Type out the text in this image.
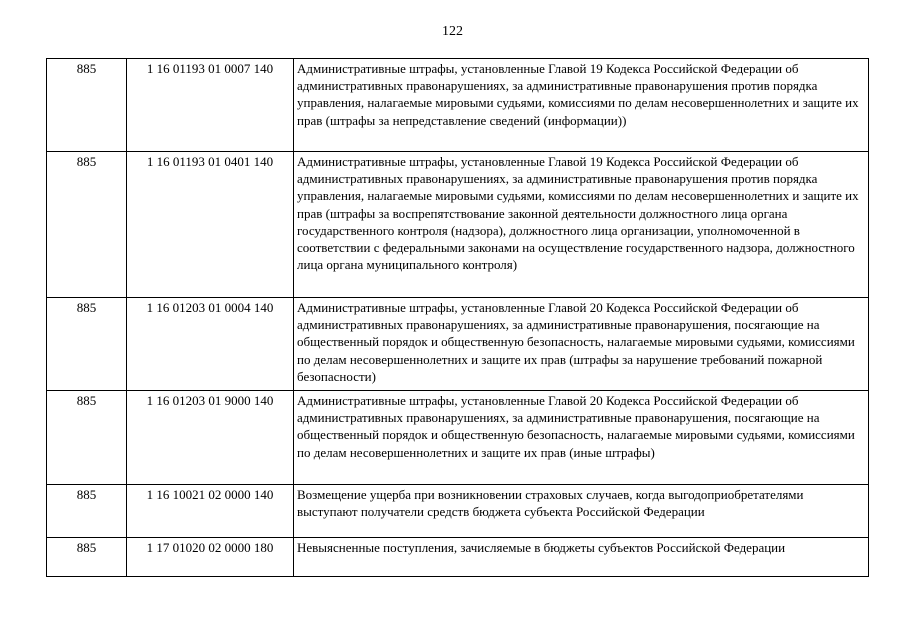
122
885	1 16 01193 01 0007 140	Административные штрафы, установленные Главой 19 Кодекса Российской Федерации об административных правонарушениях, за административные правонарушения против порядка управления, налагаемые мировыми судьями, комиссиями по делам несовершеннолетних и защите их прав (штрафы за непредставление сведений (информации))
885	1 16 01193 01 0401 140	Административные штрафы, установленные Главой 19 Кодекса Российской Федерации об административных правонарушениях, за административные правонарушения против порядка управления, налагаемые мировыми судьями, комиссиями по делам несовершеннолетних и защите их прав (штрафы за воспрепятствование законной деятельности должностного лица органа государственного контроля (надзора), должностного лица организации, уполномоченной в соответствии с федеральными законами на осуществление государственного надзора, должностного лица органа муниципального контроля)
885	1 16 01203 01 0004 140	Административные штрафы, установленные Главой 20 Кодекса Российской Федерации об административных правонарушениях, за административные правонарушения, посягающие на общественный порядок и общественную безопасность, налагаемые мировыми судьями, комиссиями по делам несовершеннолетних и защите их прав (штрафы за нарушение требований пожарной безопасности)
885	1 16 01203 01 9000 140	Административные штрафы, установленные Главой 20 Кодекса Российской Федерации об административных правонарушениях, за административные правонарушения, посягающие на общественный порядок и общественную безопасность, налагаемые мировыми судьями, комиссиями по делам несовершеннолетних и защите их прав (иные штрафы)
885	1 16 10021 02 0000 140	Возмещение ущерба при возникновении страховых случаев, когда выгодоприобретателями выступают получатели средств бюджета субъекта Российской Федерации
885	1 17 01020 02 0000 180	Невыясненные поступления, зачисляемые в бюджеты субъектов Российской Федерации
